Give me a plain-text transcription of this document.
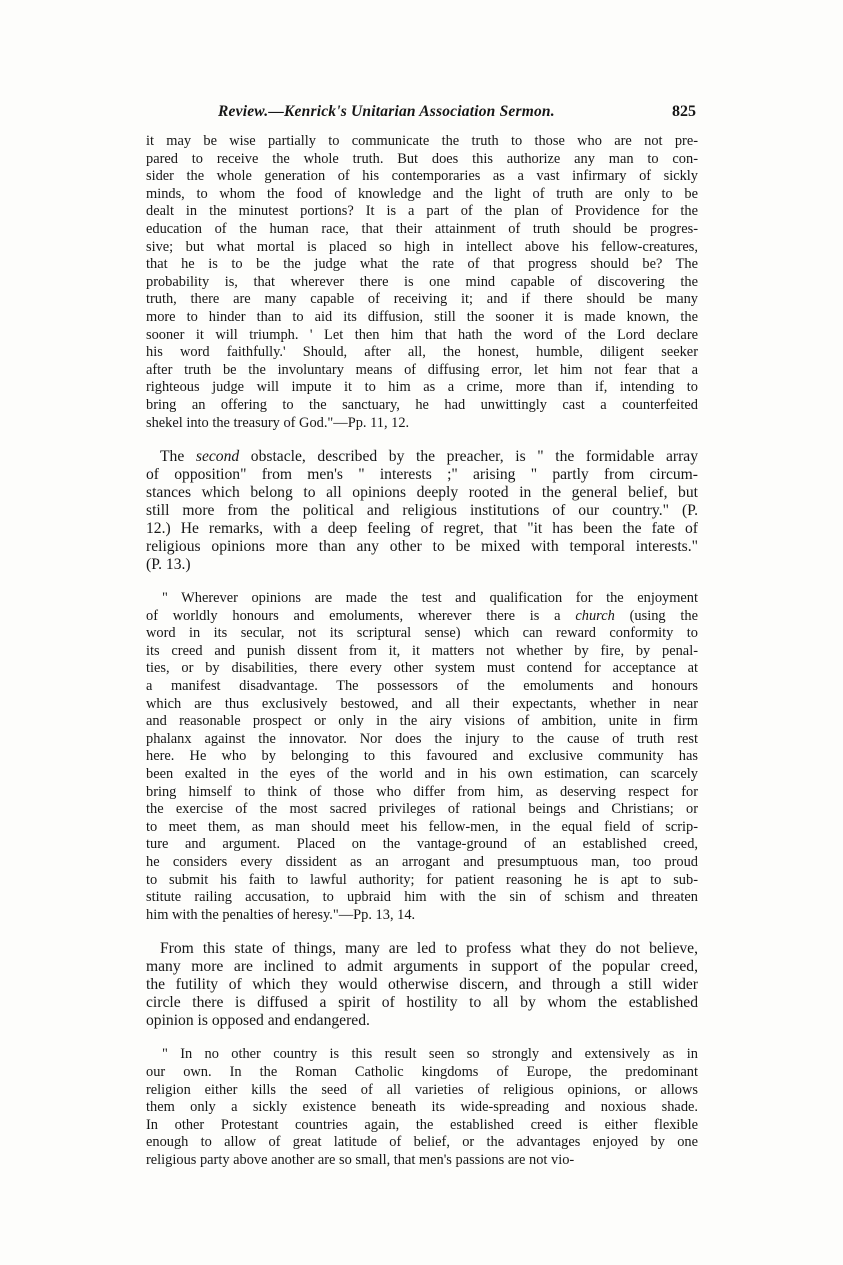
Review.—Kenrick's Unitarian Association Sermon.	825
it may be wise partially to communicate the truth to those who are not pre-
pared to receive the whole truth. But does this authorize any man to con-
sider the whole generation of his contemporaries as a vast infirmary of sickly
minds, to whom the food of knowledge and the light of truth are only to be
dealt in the minutest portions? It is a part of the plan of Providence for the
education of the human race, that their attainment of truth should be progres-
sive; but what mortal is placed so high in intellect above his fellow-creatures,
that he is to be the judge what the rate of that progress should be? The
probability is, that wherever there is one mind capable of discovering the
truth, there are many capable of receiving it; and if there should be many
more to hinder than to aid its diffusion, still the sooner it is made known, the
sooner it will triumph. ' Let then him that hath the word of the Lord declare
his word faithfully.' Should, after all, the honest, humble, diligent seeker
after truth be the involuntary means of diffusing error, let him not fear that a
righteous judge will impute it to him as a crime, more than if, intending to
bring an offering to the sanctuary, he had unwittingly cast a counterfeited
shekel into the treasury of God."—Pp. 11, 12.
The second obstacle, described by the preacher, is " the formidable array
of opposition" from men's " interests ;" arising " partly from circum-
stances which belong to all opinions deeply rooted in the general belief, but
still more from the political and religious institutions of our country." (P.
12.) He remarks, with a deep feeling of regret, that "it has been the fate of
religious opinions more than any other to be mixed with temporal interests."
(P. 13.)
" Wherever opinions are made the test and qualification for the enjoyment
of worldly honours and emoluments, wherever there is a church (using the
word in its secular, not its scriptural sense) which can reward conformity to
its creed and punish dissent from it, it matters not whether by fire, by penal-
ties, or by disabilities, there every other system must contend for acceptance at
a manifest disadvantage. The possessors of the emoluments and honours
which are thus exclusively bestowed, and all their expectants, whether in near
and reasonable prospect or only in the airy visions of ambition, unite in firm
phalanx against the innovator. Nor does the injury to the cause of truth rest
here. He who by belonging to this favoured and exclusive community has
been exalted in the eyes of the world and in his own estimation, can scarcely
bring himself to think of those who differ from him, as deserving respect for
the exercise of the most sacred privileges of rational beings and Christians; or
to meet them, as man should meet his fellow-men, in the equal field of scrip-
ture and argument. Placed on the vantage-ground of an established creed,
he considers every dissident as an arrogant and presumptuous man, too proud
to submit his faith to lawful authority; for patient reasoning he is apt to sub-
stitute railing accusation, to upbraid him with the sin of schism and threaten
him with the penalties of heresy."—Pp. 13, 14.
From this state of things, many are led to profess what they do not believe,
many more are inclined to admit arguments in support of the popular creed,
the futility of which they would otherwise discern, and through a still wider
circle there is diffused a spirit of hostility to all by whom the established
opinion is opposed and endangered.
" In no other country is this result seen so strongly and extensively as in
our own. In the Roman Catholic kingdoms of Europe, the predominant
religion either kills the seed of all varieties of religious opinions, or allows
them only a sickly existence beneath its wide-spreading and noxious shade.
In other Protestant countries again, the established creed is either flexible
enough to allow of great latitude of belief, or the advantages enjoyed by one
religious party above another are so small, that men's passions are not vio-
